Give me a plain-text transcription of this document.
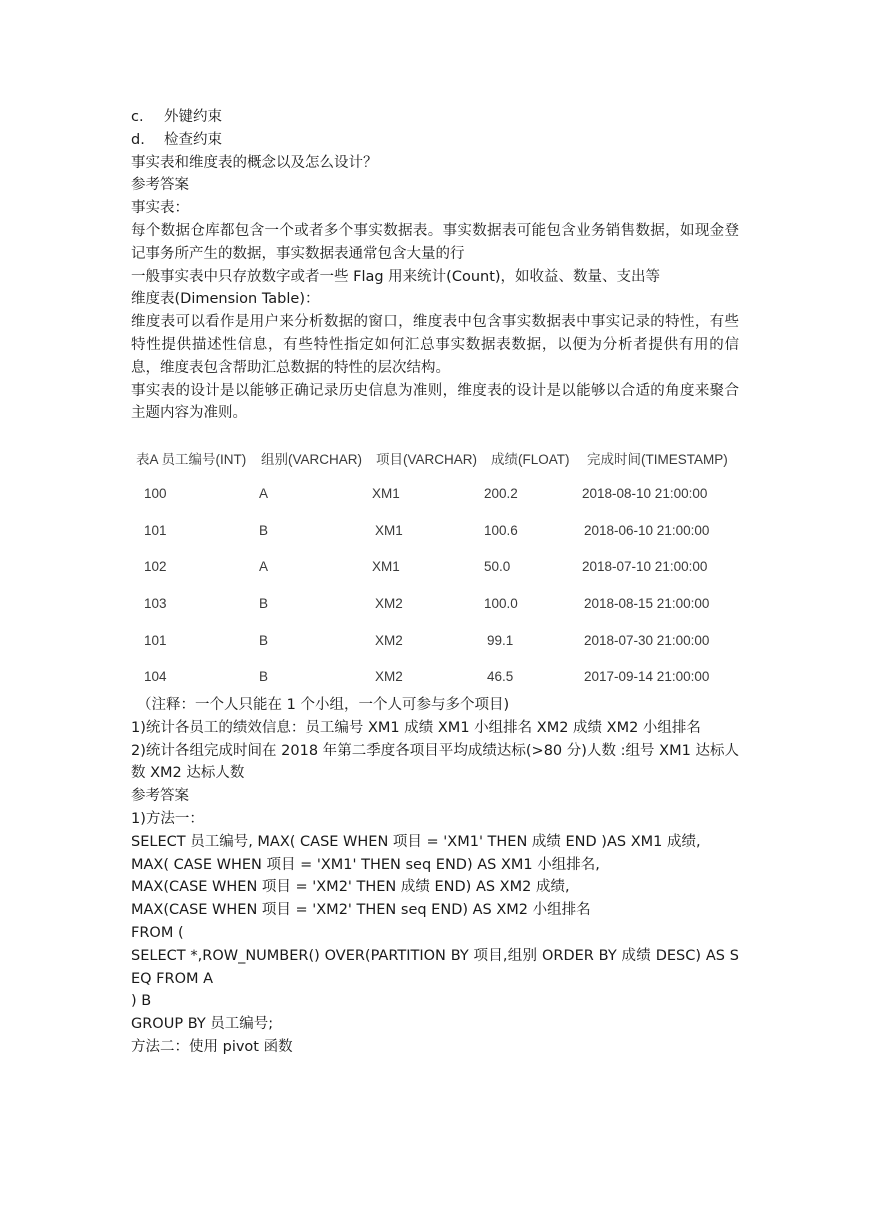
c. 外键约束

d. 检查约束

事实表和维度表的概念以及怎么设计？

参考答案

事实表：

每个数据仓库都包含一个或者多个事实数据表。事实数据表可能包含业务销售数据，如现金登记事务所产生的数据，事实数据表通常包含大量的行

一般事实表中只存放数字或者一些 Flag 用来统计(Count)，如收益、数量、支出等

维度表(Dimension Table)：

维度表可以看作是用户来分析数据的窗口，维度表中包含事实数据表中事实记录的特性，有些特性提供描述性信息，有些特性指定如何汇总事实数据表数据，以便为分析者提供有用的信息，维度表包含帮助汇总数据的特性的层次结构。

事实表的设计是以能够正确记录历史信息为准则，维度表的设计是以能够以合适的角度来聚合主题内容为准则。

表A 员工编号(INT) 组别(VARCHAR) 项目(VARCHAR) 成绩(FLOAT) 完成时间(TIMESTAMP)
100	A	XM1	200.2	2018-08-10 21:00:00
101	B	XM1	100.6	2018-06-10 21:00:00
102	A	XM1	50.0	2018-07-10 21:00:00
103	B	XM2	100.0	2018-08-15 21:00:00
101	B	XM2	99.1	2018-07-30 21:00:00
104	B	XM2	46.5	2017-09-14 21:00:00

（注释：一个人只能在 1 个小组，一个人可参与多个项目)

1)统计各员工的绩效信息：员工编号 XM1 成绩 XM1 小组排名 XM2 成绩 XM2 小组排名

2)统计各组完成时间在 2018 年第二季度各项目平均成绩达标(>80 分)人数 :组号 XM1 达标人数 XM2 达标人数

参考答案

1)方法一：

SELECT 员工编号, MAX( CASE WHEN 项目 = 'XM1' THEN 成绩 END )AS XM1 成绩,

MAX( CASE WHEN 项目 = 'XM1' THEN seq END) AS XM1 小组排名,

MAX(CASE WHEN 项目 = 'XM2' THEN 成绩 END) AS XM2 成绩,

MAX(CASE WHEN 项目 = 'XM2' THEN seq END) AS XM2 小组排名

FROM (

SELECT *,ROW_NUMBER() OVER(PARTITION BY 项目,组别 ORDER BY 成绩 DESC) AS SEQ FROM A

) B

GROUP BY 员工编号;

方法二：使用 pivot 函数
